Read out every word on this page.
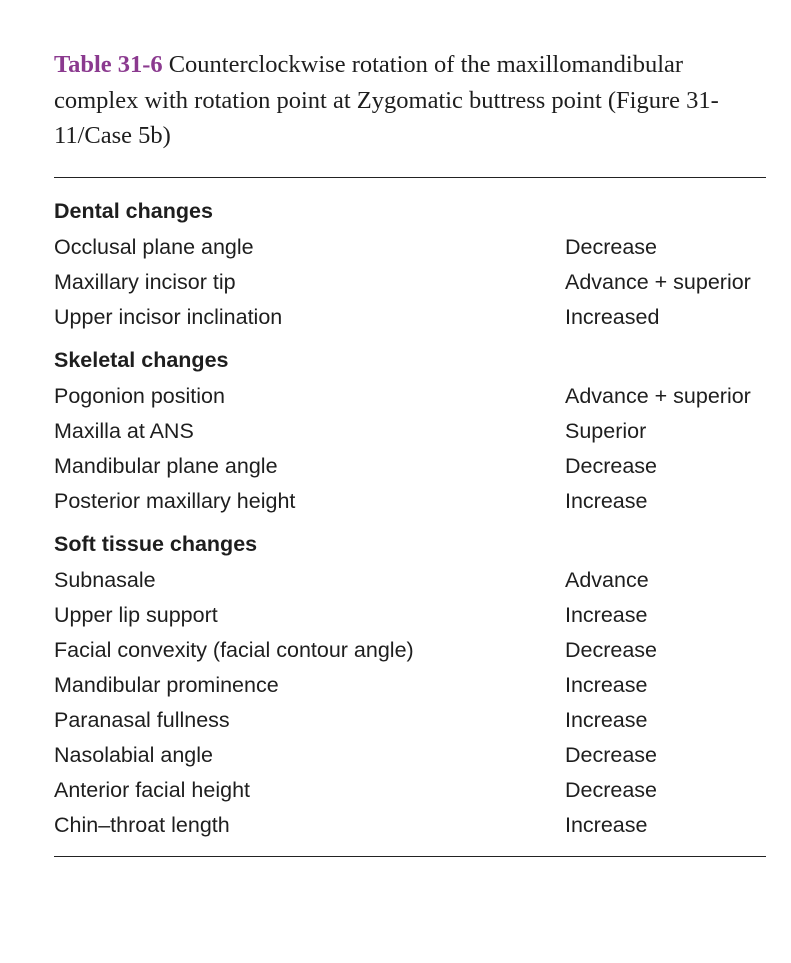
Table 31-6 Counterclockwise rotation of the maxillomandibular complex with rotation point at Zygomatic buttress point (Figure 31-11/Case 5b)
Dental changes
Occlusal plane angle	Decrease
Maxillary incisor tip	Advance + superior
Upper incisor inclination	Increased
Skeletal changes
Pogonion position	Advance + superior
Maxilla at ANS	Superior
Mandibular plane angle	Decrease
Posterior maxillary height	Increase
Soft tissue changes
Subnasale	Advance
Upper lip support	Increase
Facial convexity (facial contour angle)	Decrease
Mandibular prominence	Increase
Paranasal fullness	Increase
Nasolabial angle	Decrease
Anterior facial height	Decrease
Chin–throat length	Increase
